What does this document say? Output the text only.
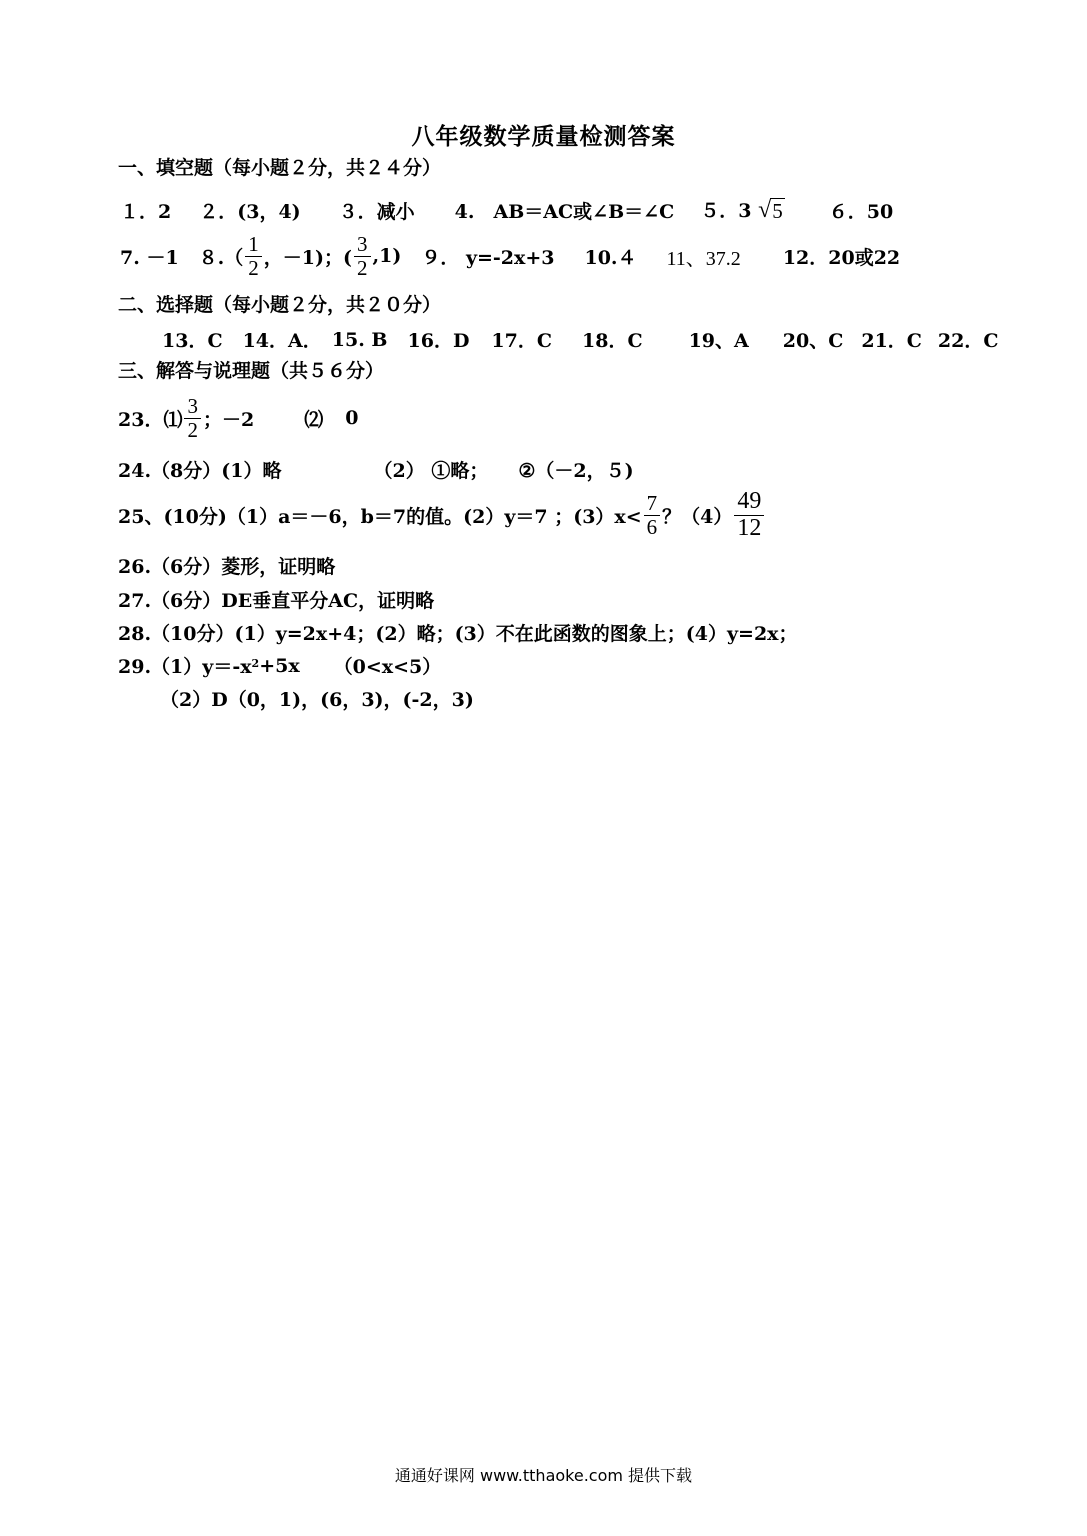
八年级数学质量检测答案
一、填空题（每小题２分，共２４分）
１．2 ２．(3，4) ３．减小 4.　AB＝AC或∠B＝∠C ５．3 √ 5 ６．50
7. －1 $8.( \frac{1}{2}$ ，－1)；( $\frac{3}{2} ,1$) ９． y=-2x+3 10.４ 11、37.2 12．20或22
二、选择题（每小题２分，共２０分）
13．C 14．A． 15. B 16．D 17．C 18．C 19、A 20、C 21．C 22．C
三、解答与说理题（共５６分）
23．⑴ $\frac{3}{2}$ ；－2	⑵ 0
24.（8分）(1）略	（2） ①略； ②（－2，５)
25、(10分)（1）a＝－6，b＝7的值。(2）y＝7 ；$(3)x< \frac{7}{6}$ ？$(4) \frac{49}{12}$
26.（6分）菱形，证明略
27.（6分）DE垂直平分AC，证明略
28.（10分）(1）y=2x+4；(2）略；(3）不在此函数的图象上；(4）y=2x；
$29.(1)y=-x^2 +5x$ （0<x<5）
（2）D（0，1)，(6，3)，(-2，3)
通通好课网 www.tthaoke.com 提供下载
